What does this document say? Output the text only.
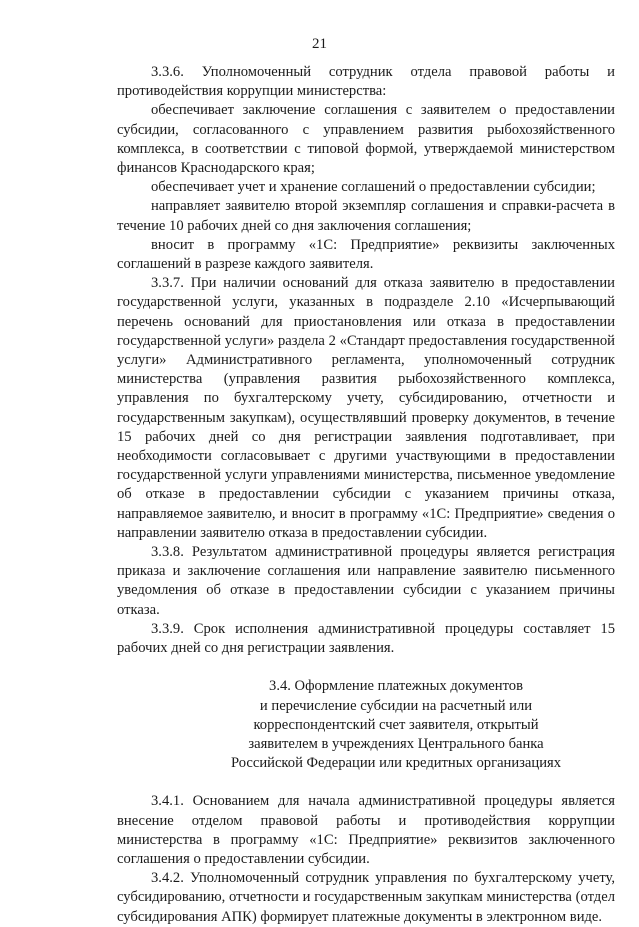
21

3.3.6. Уполномоченный сотрудник отдела правовой работы и противодействия коррупции министерства:

обеспечивает заключение соглашения с заявителем о предоставлении субсидии, согласованного с управлением развития рыбохозяйственного комплекса, в соответствии с типовой формой, утверждаемой министерством финансов Краснодарского края;

обеспечивает учет и хранение соглашений о предоставлении субсидии;

направляет заявителю второй экземпляр соглашения и справки-расчета в течение 10 рабочих дней со дня заключения соглашения;

вносит в программу «1С: Предприятие» реквизиты заключенных соглашений в разрезе каждого заявителя.

3.3.7. При наличии оснований для отказа заявителю в предоставлении государственной услуги, указанных в подразделе 2.10 «Исчерпывающий перечень оснований для приостановления или отказа в предоставлении государственной услуги» раздела 2 «Стандарт предоставления государственной услуги» Административного регламента, уполномоченный сотрудник министерства (управления развития рыбохозяйственного комплекса, управления по бухгалтерскому учету, субсидированию, отчетности и государственным закупкам), осуществлявший проверку документов, в течение 15 рабочих дней со дня регистрации заявления подготавливает, при необходимости согласовывает с другими участвующими в предоставлении государственной услуги управлениями министерства, письменное уведомление об отказе в предоставлении субсидии с указанием причины отказа, направляемое заявителю, и вносит в программу «1С: Предприятие» сведения о направлении заявителю отказа в предоставлении субсидии.

3.3.8. Результатом административной процедуры является регистрация приказа и заключение соглашения или направление заявителю письменного уведомления об отказе в предоставлении субсидии с указанием причины отказа.

3.3.9. Срок исполнения административной процедуры составляет 15 рабочих дней со дня регистрации заявления.

3.4. Оформление платежных документов
и перечисление субсидии на расчетный или
корреспондентский счет заявителя, открытый
заявителем в учреждениях Центрального банка
Российской Федерации или кредитных организациях

3.4.1. Основанием для начала административной процедуры является внесение отделом правовой работы и противодействия коррупции министерства в программу «1С: Предприятие» реквизитов заключенного соглашения о предоставлении субсидии.

3.4.2. Уполномоченный сотрудник управления по бухгалтерскому учету, субсидированию, отчетности и государственным закупкам министерства (отдел субсидирования АПК) формирует платежные документы в электронном виде.
